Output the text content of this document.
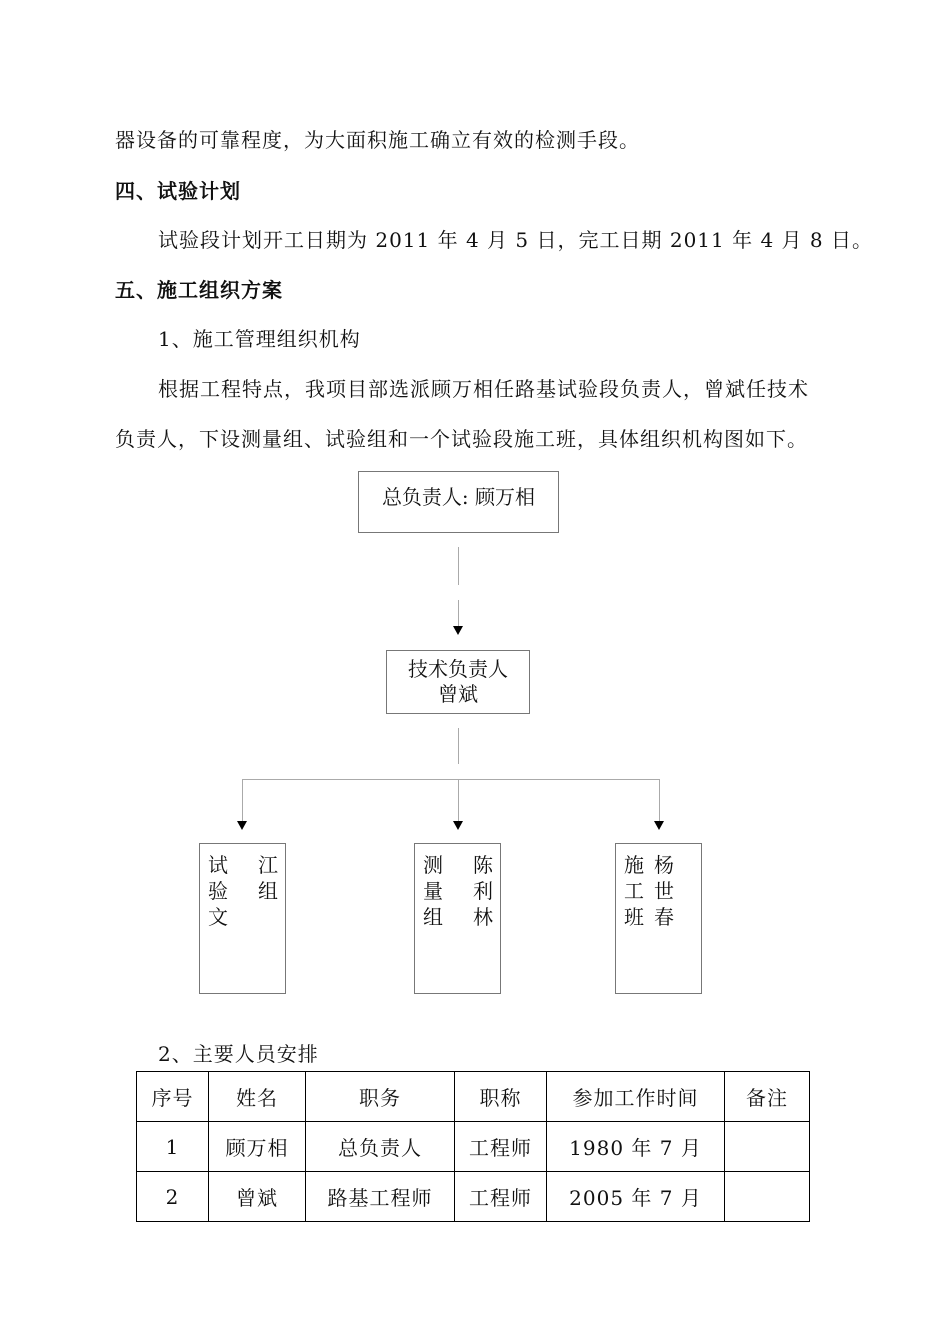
器设备的可靠程度，为大面积施工确立有效的检测手段。
四、试验计划
试验段计划开工日期为 2011 年 4 月 5 日，完工日期 2011 年 4 月 8 日。
五、施工组织方案
1、施工管理组织机构
根据工程特点，我项目部选派顾万相任路基试验段负责人，曾斌任技术
负责人，下设测量组、试验组和一个试验段施工班，具体组织机构图如下。
总负责人: 顾万相
技术负责人
曾斌
试验文
江组
测量组
陈利林
施工班
杨世春
2、主要人员安排
序号	姓名	职务	职称	参加工作时间	备注
1	顾万相	总负责人	工程师	1980 年 7 月	
2	曾斌	路基工程师	工程师	2005 年 7 月	
